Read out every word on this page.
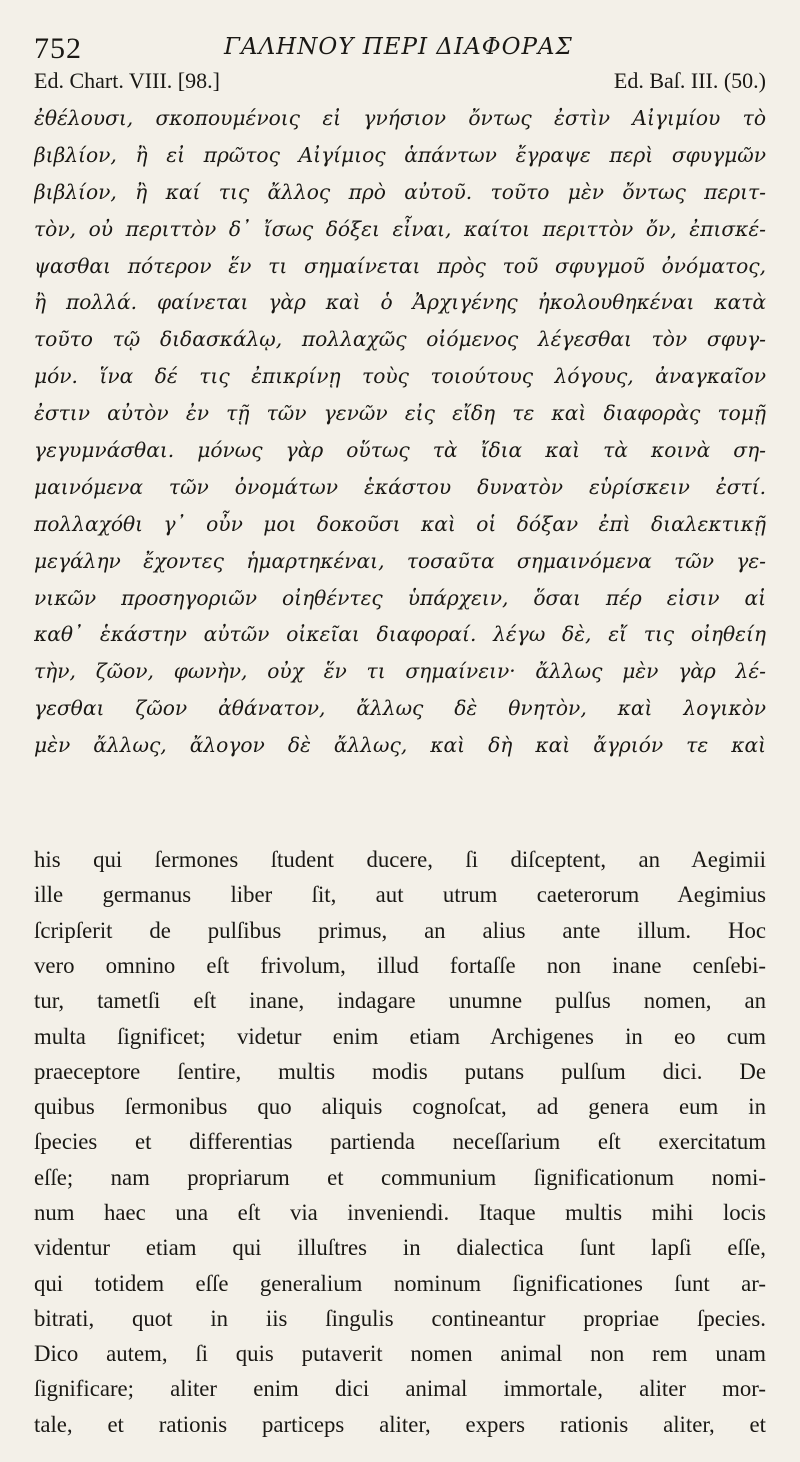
752	ΓΑΛΗΝΟΥ ΠΕΡΙ ΔΙΑΦΟΡΑΣ
Ed. Chart. VIII. [98.]	Ed. Baſ. III. (50.)
ἐθέλουσι, σκοπουμένοις εἰ γνήσιον ὄντως ἐστὶν Αἰγιμίου τὸ
βιβλίον, ἢ εἰ πρῶτος Αἰγίμιος ἁπάντων ἔγραψε περὶ σφυγμῶν
βιβλίον, ἢ καί τις ἄλλος πρὸ αὐτοῦ. τοῦτο μὲν ὄντως περιτ-
τὸν, οὐ περιττὸν δ᾽ ἴσως δόξει εἶναι, καίτοι περιττὸν ὄν, ἐπισκέ-
ψασθαι πότερον ἕν τι σημαίνεται πρὸς τοῦ σφυγμοῦ ὀνόματος,
ἢ πολλά. φαίνεται γὰρ καὶ ὁ Ἀρχιγένης ἠκολουθηκέναι κατὰ
τοῦτο τῷ διδασκάλῳ, πολλαχῶς οἰόμενος λέγεσθαι τὸν σφυγ-
μόν. ἵνα δέ τις ἐπικρίνῃ τοὺς τοιούτους λόγους, ἀναγκαῖον
ἐστιν αὐτὸν ἐν τῇ τῶν γενῶν εἰς εἴδη τε καὶ διαφορὰς τομῇ
γεγυμνάσθαι. μόνως γὰρ οὕτως τὰ ἴδια καὶ τὰ κοινὰ ση-
μαινόμενα τῶν ὀνομάτων ἑκάστου δυνατὸν εὑρίσκειν ἐστί.
πολλαχόθι γ᾽ οὖν μοι δοκοῦσι καὶ οἱ δόξαν ἐπὶ διαλεκτικῇ
μεγάλην ἔχοντες ἡμαρτηκέναι, τοσαῦτα σημαινόμενα τῶν γε-
νικῶν προσηγοριῶν οἰηθέντες ὑπάρχειν, ὅσαι πέρ εἰσιν αἱ
καθ᾽ ἑκάστην αὐτῶν οἰκεῖαι διαφοραί. λέγω δὲ, εἴ τις οἰηθείη
τὴν, ζῶον, φωνὴν, οὐχ ἕν τι σημαίνειν· ἄλλως μὲν γὰρ λέ-
γεσθαι ζῶον ἀθάνατον, ἄλλως δὲ θνητὸν, καὶ λογικὸν
μὲν ἄλλως, ἄλογον δὲ ἄλλως, καὶ δὴ καὶ ἄγριόν τε καὶ
his qui ſermones ſtudent ducere, ſi diſceptent, an Aegimii
ille germanus liber ſit, aut utrum caeterorum Aegimius
ſcripſerit de pulſibus primus, an alius ante illum. Hoc
vero omnino eſt frivolum, illud fortaſſe non inane cenſebi-
tur, tametſi eſt inane, indagare unumne pulſus nomen, an
multa ſignificet; videtur enim etiam Archigenes in eo cum
praeceptore ſentire, multis modis putans pulſum dici. De
quibus ſermonibus quo aliquis cognoſcat, ad genera eum in
ſpecies et differentias partienda neceſſarium eſt exercitatum
eſſe; nam propriarum et communium ſignificationum nomi-
num haec una eſt via inveniendi. Itaque multis mihi locis
videntur etiam qui illuſtres in dialectica ſunt lapſi eſſe,
qui totidem eſſe generalium nominum ſignificationes ſunt ar-
bitrati, quot in iis ſingulis contineantur propriae ſpecies.
Dico autem, ſi quis putaverit nomen animal non rem unam
ſignificare; aliter enim dici animal immortale, aliter mor-
tale, et rationis particeps aliter, expers rationis aliter, et
